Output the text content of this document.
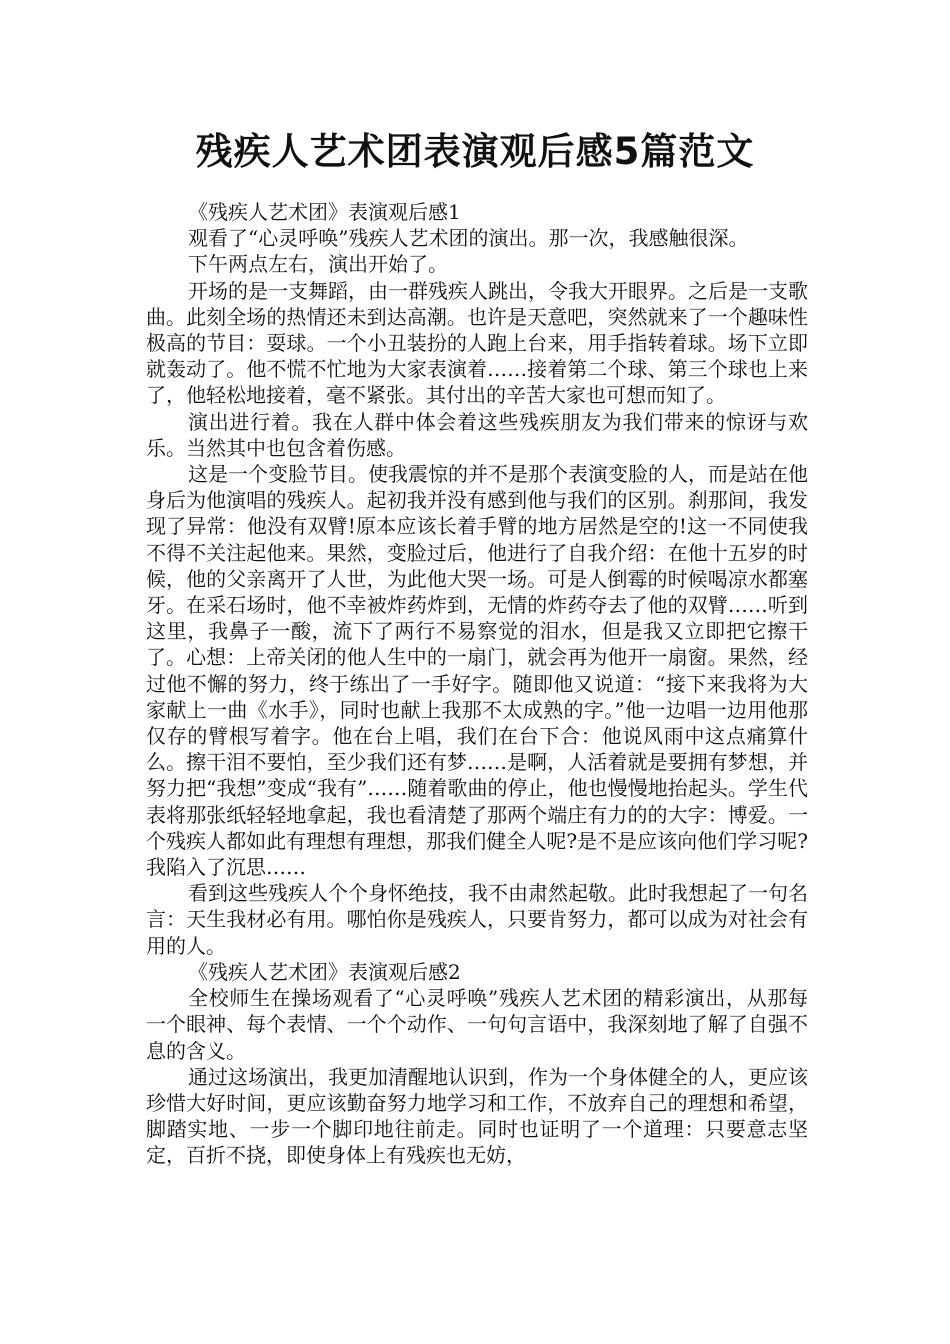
残疾人艺术团表演观后感5篇范文

《残疾人艺术团》表演观后感1

观看了“心灵呼唤”残疾人艺术团的演出。那一次，我感触很深。

下午两点左右，演出开始了。

开场的是一支舞蹈，由一群残疾人跳出，令我大开眼界。之后是一支歌曲。此刻全场的热情还未到达高潮。也许是天意吧，突然就来了一个趣味性极高的节目：耍球。一个小丑装扮的人跑上台来，用手指转着球。场下立即就轰动了。他不慌不忙地为大家表演着……接着第二个球、第三个球也上来了，他轻松地接着，毫不紧张。其付出的辛苦大家也可想而知了。

演出进行着。我在人群中体会着这些残疾朋友为我们带来的惊讶与欢乐。当然其中也包含着伤感。

这是一个变脸节目。使我震惊的并不是那个表演变脸的人，而是站在他身后为他演唱的残疾人。起初我并没有感到他与我们的区别。刹那间，我发现了异常：他没有双臂!原本应该长着手臂的地方居然是空的!这一不同使我不得不关注起他来。果然，变脸过后，他进行了自我介绍：在他十五岁的时候，他的父亲离开了人世，为此他大哭一场。可是人倒霉的时候喝凉水都塞牙。在采石场时，他不幸被炸药炸到，无情的炸药夺去了他的双臂……听到这里，我鼻子一酸，流下了两行不易察觉的泪水，但是我又立即把它擦干了。心想：上帝关闭的他人生中的一扇门，就会再为他开一扇窗。果然，经过他不懈的努力，终于练出了一手好字。随即他又说道：“接下来我将为大家献上一曲《水手》，同时也献上我那不太成熟的字。”他一边唱一边用他那仅存的臂根写着字。他在台上唱，我们在台下合：他说风雨中这点痛算什么。擦干泪不要怕，至少我们还有梦……是啊，人活着就是要拥有梦想，并努力把“我想”变成“我有”……随着歌曲的停止，他也慢慢地抬起头。学生代表将那张纸轻轻地拿起，我也看清楚了那两个端庄有力的的大字：博爱。一个残疾人都如此有理想有理想，那我们健全人呢?是不是应该向他们学习呢?我陷入了沉思……

看到这些残疾人个个身怀绝技，我不由肃然起敬。此时我想起了一句名言：天生我材必有用。哪怕你是残疾人，只要肯努力，都可以成为对社会有用的人。

《残疾人艺术团》表演观后感2

全校师生在操场观看了“心灵呼唤”残疾人艺术团的精彩演出，从那每一个眼神、每个表情、一个个动作、一句句言语中，我深刻地了解了自强不息的含义。

通过这场演出，我更加清醒地认识到，作为一个身体健全的人，更应该珍惜大好时间，更应该勤奋努力地学习和工作，不放弃自己的理想和希望，脚踏实地、一步一个脚印地往前走。同时也证明了一个道理：只要意志坚定，百折不挠，即使身体上有残疾也无妨，
